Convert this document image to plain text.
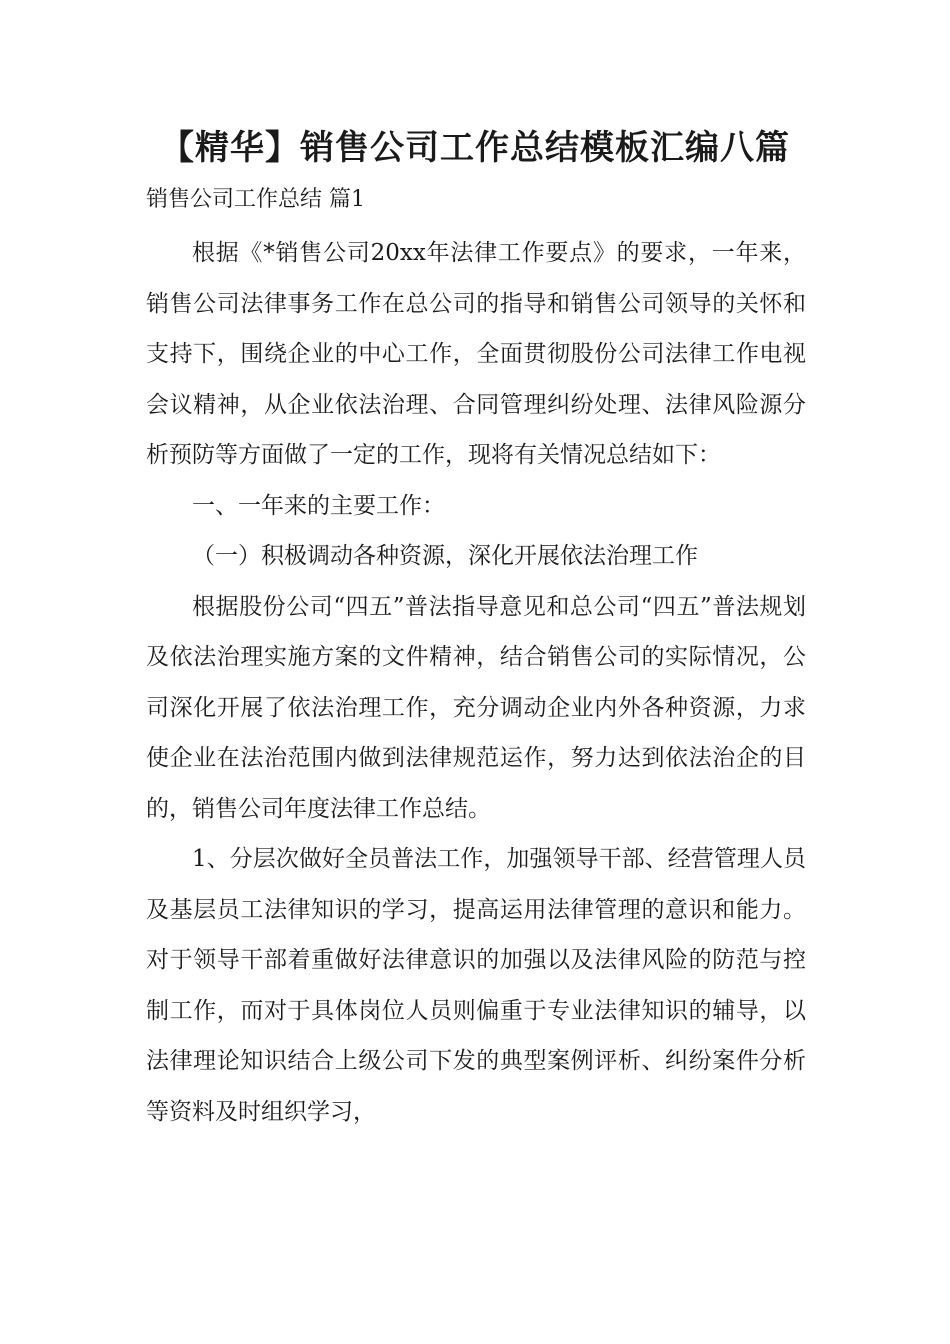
【精华】销售公司工作总结模板汇编八篇
销售公司工作总结 篇1

根据《*销售公司20xx年法律工作要点》的要求，一年来，销售公司法律事务工作在总公司的指导和销售公司领导的关怀和支持下，围绕企业的中心工作，全面贯彻股份公司法律工作电视会议精神，从企业依法治理、合同管理纠纷处理、法律风险源分析预防等方面做了一定的工作，现将有关情况总结如下：

一、一年来的主要工作：

（一）积极调动各种资源，深化开展依法治理工作

根据股份公司“四五”普法指导意见和总公司“四五”普法规划及依法治理实施方案的文件精神，结合销售公司的实际情况，公司深化开展了依法治理工作，充分调动企业内外各种资源，力求使企业在法治范围内做到法律规范运作，努力达到依法治企的目的，销售公司年度法律工作总结。

1、分层次做好全员普法工作，加强领导干部、经营管理人员及基层员工法律知识的学习，提高运用法律管理的意识和能力。对于领导干部着重做好法律意识的加强以及法律风险的防范与控制工作，而对于具体岗位人员则偏重于专业法律知识的辅导，以法律理论知识结合上级公司下发的典型案例评析、纠纷案件分析等资料及时组织学习，
